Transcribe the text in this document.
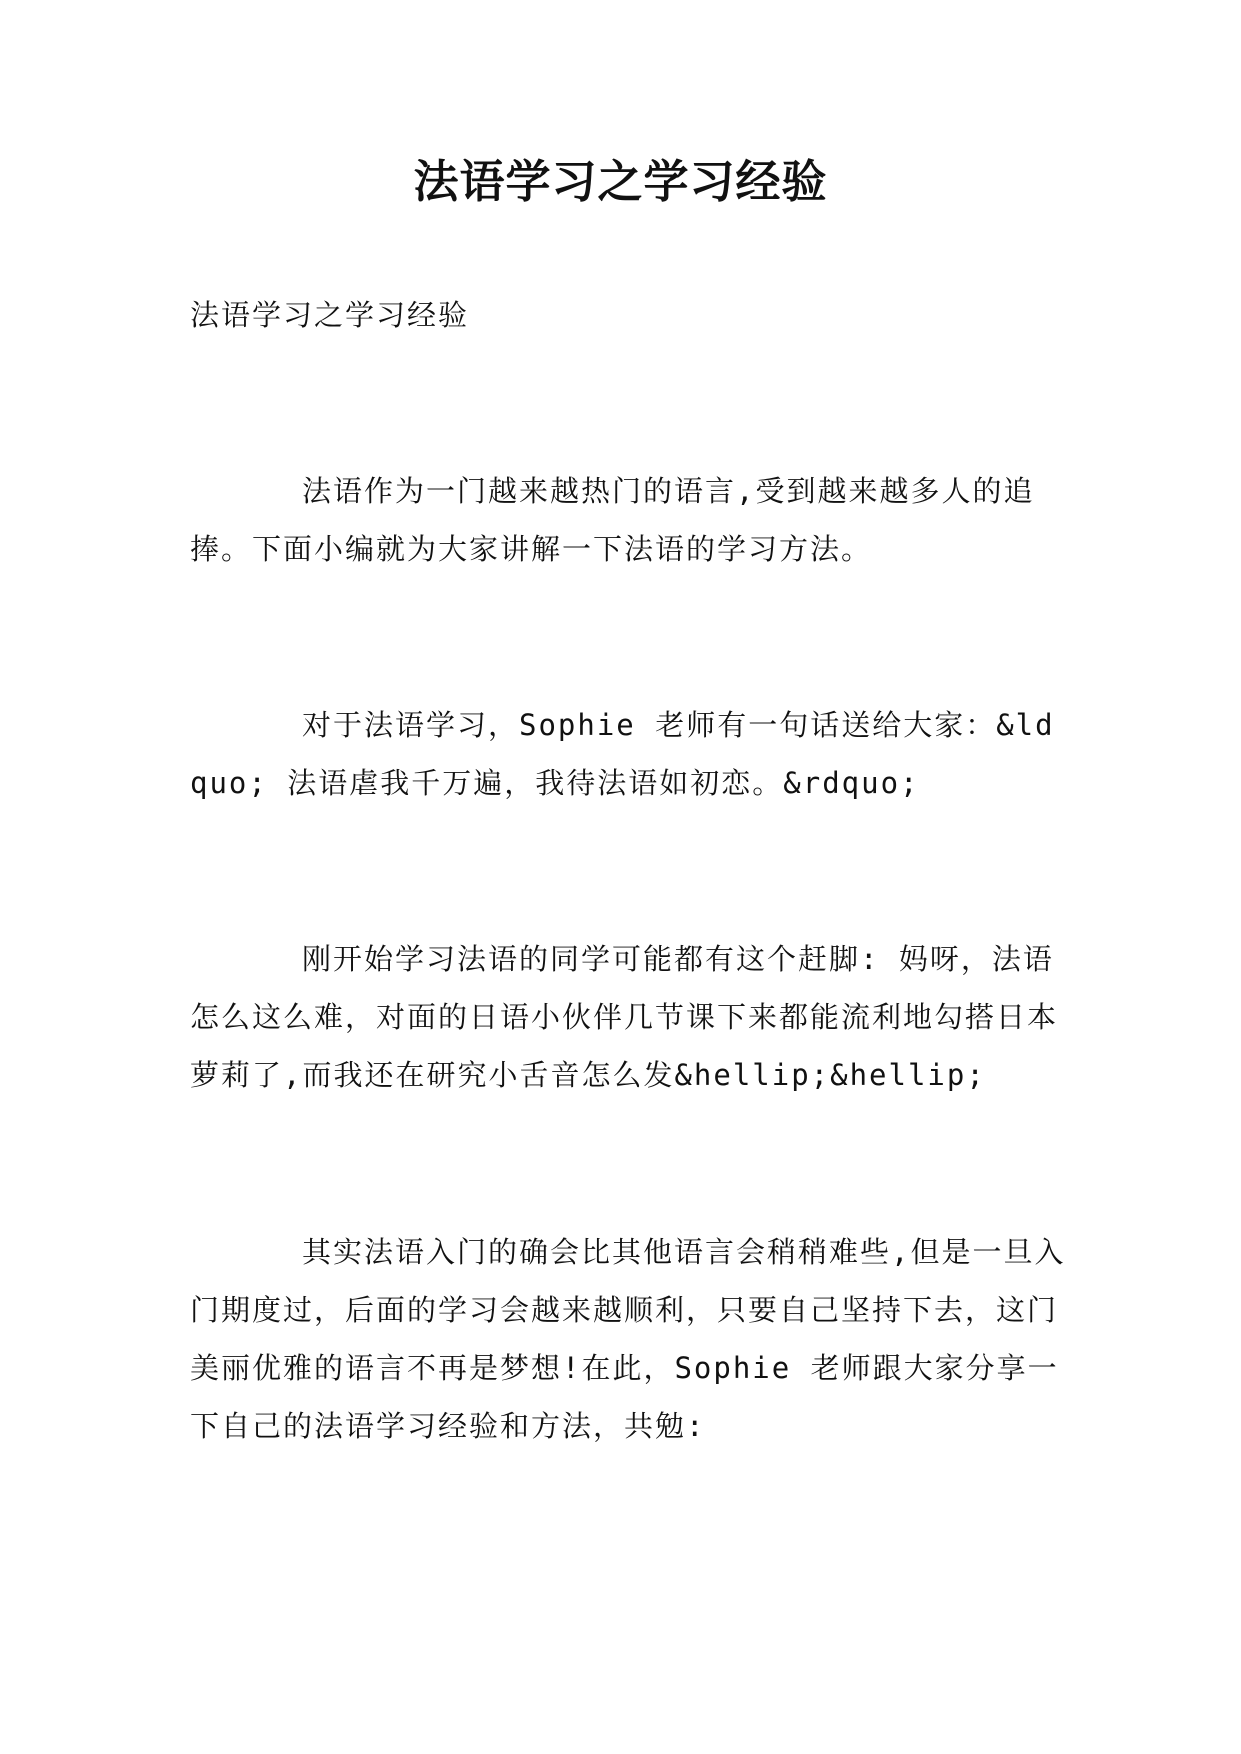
法语学习之学习经验

法语学习之学习经验

法语作为一门越来越热门的语言,受到越来越多人的追捧。下面小编就为大家讲解一下法语的学习方法。

对于法语学习，Sophie 老师有一句话送给大家：&ldquo; 法语虐我千万遍，我待法语如初恋。&rdquo;

刚开始学习法语的同学可能都有这个赶脚: 妈呀，法语怎么这么难，对面的日语小伙伴几节课下来都能流利地勾搭日本萝莉了,而我还在研究小舌音怎么发&hellip;&hellip;

其实法语入门的确会比其他语言会稍稍难些,但是一旦入门期度过，后面的学习会越来越顺利，只要自己坚持下去，这门美丽优雅的语言不再是梦想!在此，Sophie 老师跟大家分享一下自己的法语学习经验和方法，共勉:
